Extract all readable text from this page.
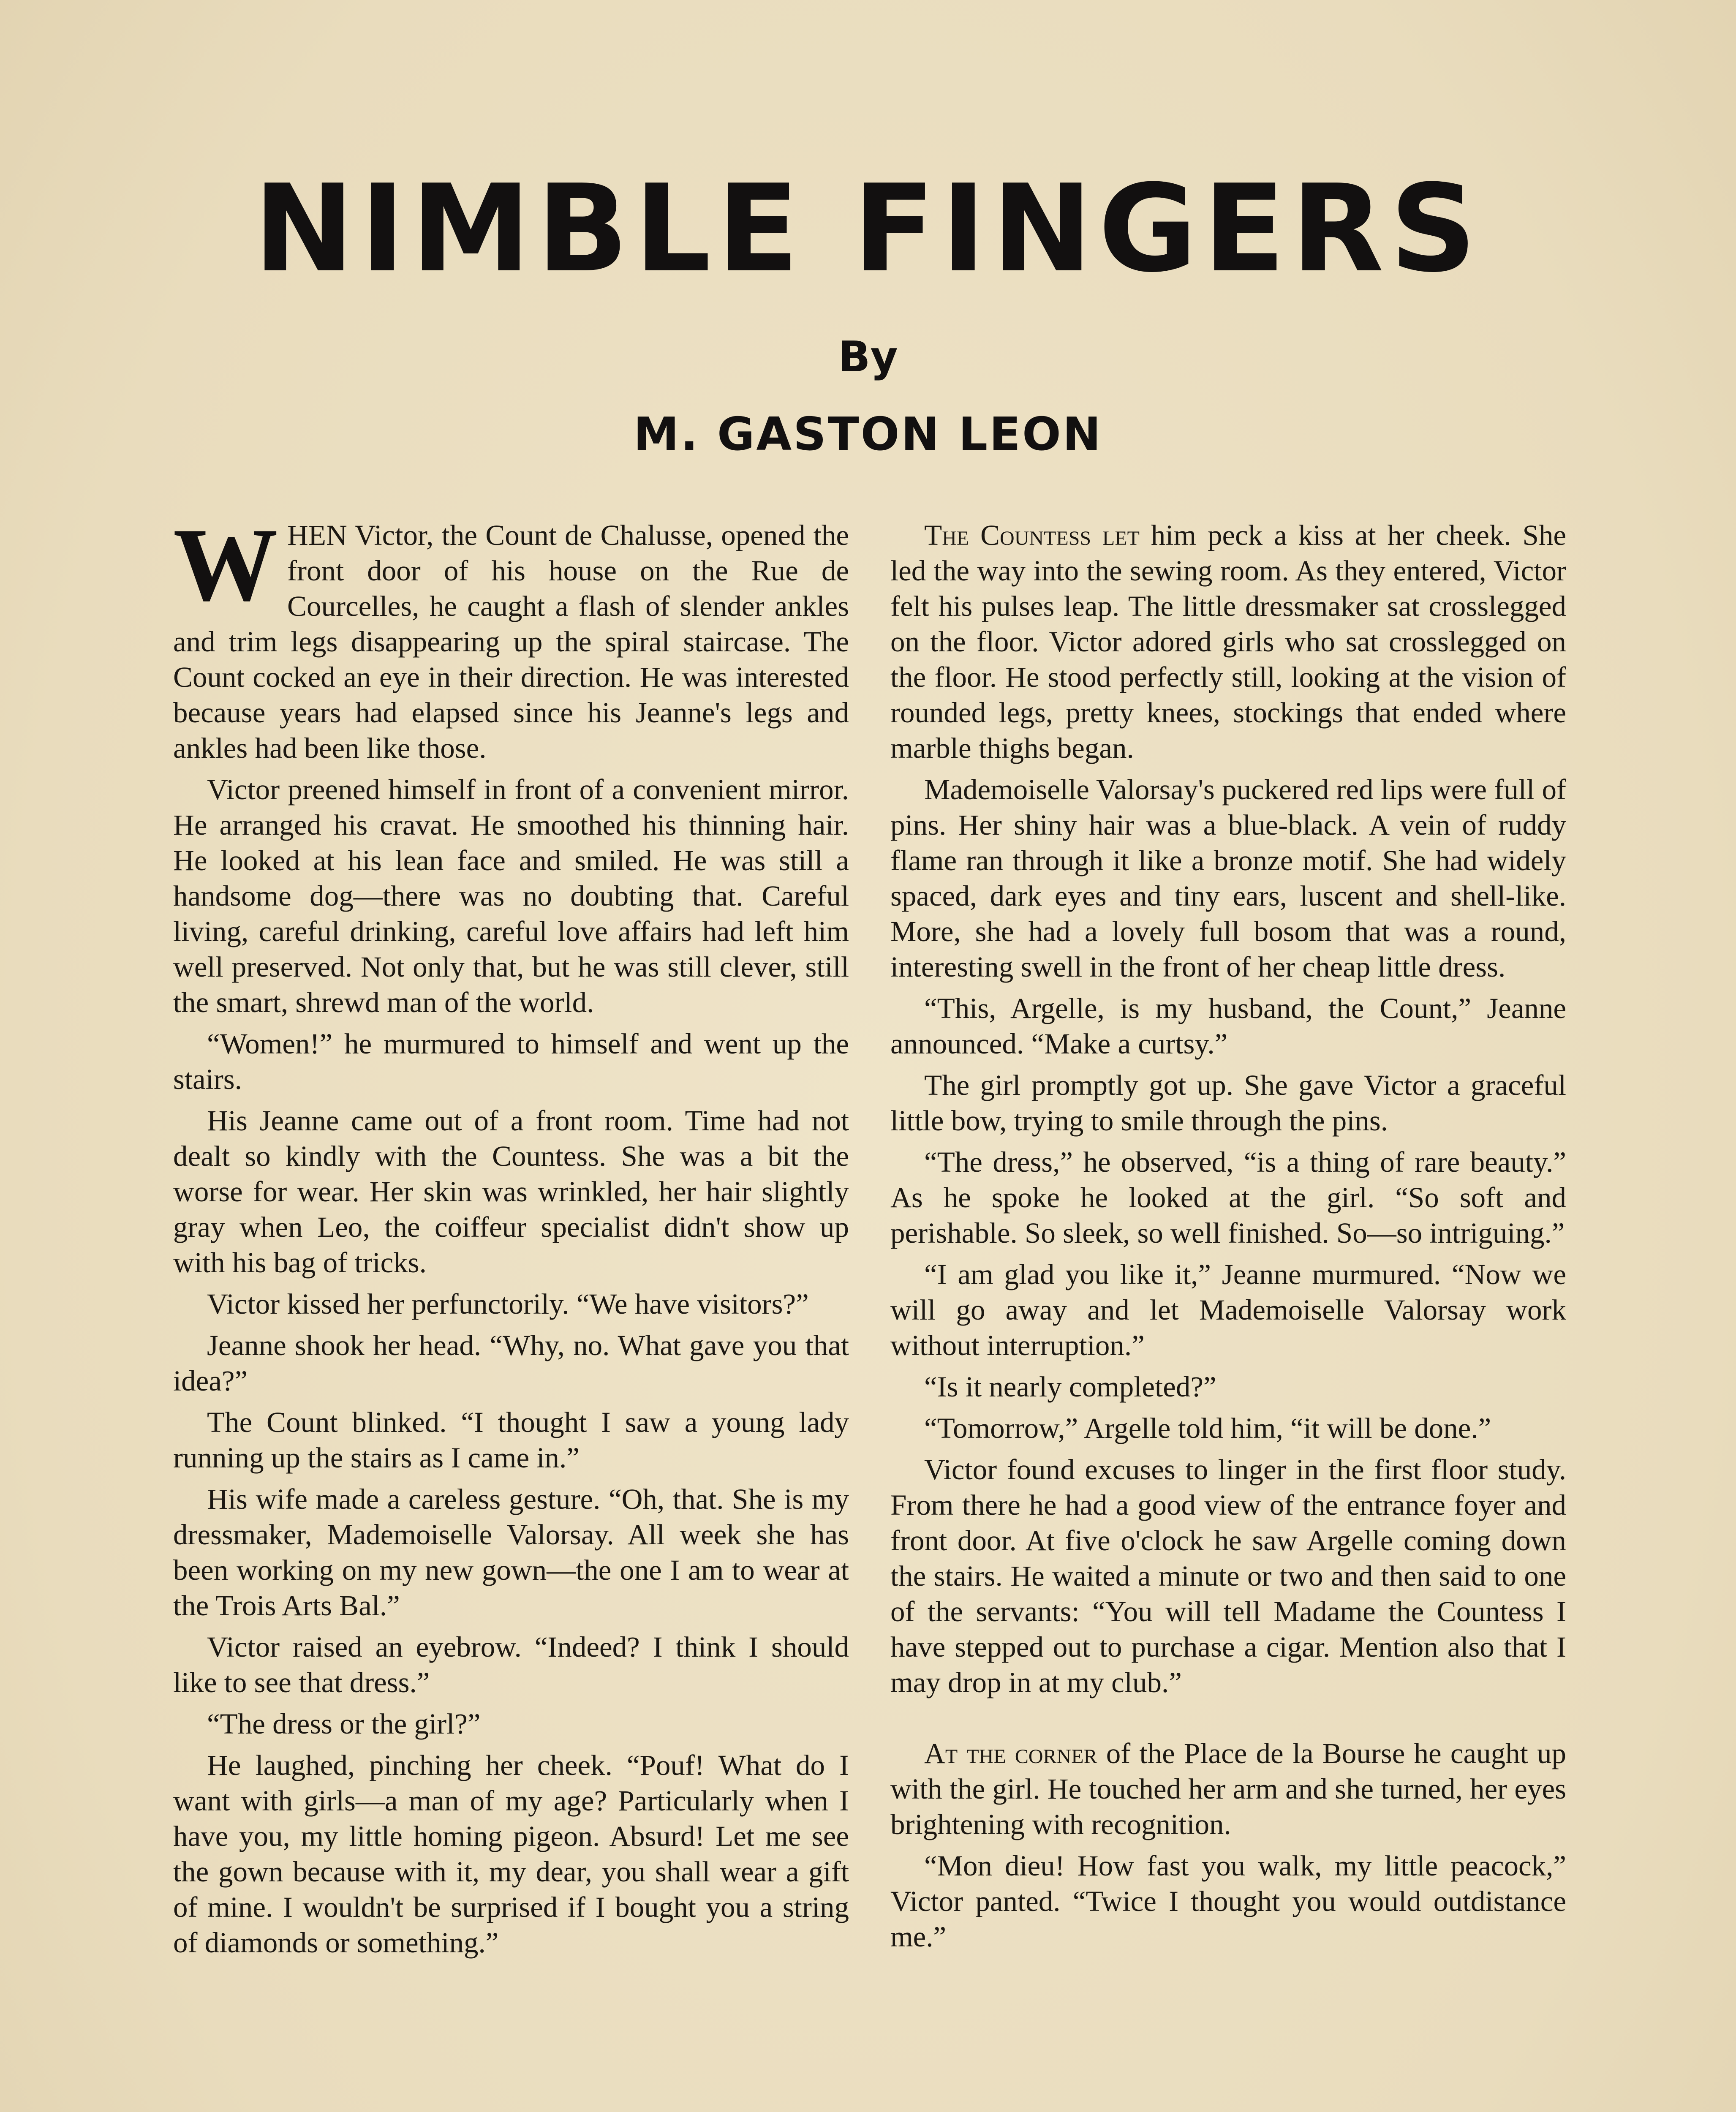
NIMBLE FINGERS
By
M. GASTON LEON

WHEN Victor, the Count de Chalusse, opened the front door of his house on the Rue de Courcelles, he caught a flash of slender ankles and trim legs disappearing up the spiral staircase. The Count cocked an eye in their direction. He was interested because years had elapsed since his Jeanne's legs and ankles had been like those.

Victor preened himself in front of a convenient mirror. He arranged his cravat. He smoothed his thinning hair. He looked at his lean face and smiled. He was still a handsome dog—there was no doubting that. Careful living, careful drinking, careful love affairs had left him well preserved. Not only that, but he was still clever, still the smart, shrewd man of the world.

“Women!” he murmured to himself and went up the stairs.

His Jeanne came out of a front room. Time had not dealt so kindly with the Countess. She was a bit the worse for wear. Her skin was wrinkled, her hair slightly gray when Leo, the coiffeur specialist didn't show up with his bag of tricks.

Victor kissed her perfunctorily. “We have visitors?”

Jeanne shook her head. “Why, no. What gave you that idea?”

The Count blinked. “I thought I saw a young lady running up the stairs as I came in.”

His wife made a careless gesture. “Oh, that. She is my dressmaker, Mademoiselle Valorsay. All week she has been working on my new gown—the one I am to wear at the Trois Arts Bal.”

Victor raised an eyebrow. “Indeed? I think I should like to see that dress.”

“The dress or the girl?”

He laughed, pinching her cheek. “Pouf! What do I want with girls—a man of my age? Particularly when I have you, my little homing pigeon. Absurd! Let me see the gown because with it, my dear, you shall wear a gift of mine. I wouldn't be surprised if I bought you a string of diamonds or something.”

The Countess let him peck a kiss at her cheek. She led the way into the sewing room. As they entered, Victor felt his pulses leap. The little dressmaker sat crosslegged on the floor. Victor adored girls who sat crosslegged on the floor. He stood perfectly still, looking at the vision of rounded legs, pretty knees, stockings that ended where marble thighs began.

Mademoiselle Valorsay's puckered red lips were full of pins. Her shiny hair was a blue-black. A vein of ruddy flame ran through it like a bronze motif. She had widely spaced, dark eyes and tiny ears, luscent and shell-like. More, she had a lovely full bosom that was a round, interesting swell in the front of her cheap little dress.

“This, Argelle, is my husband, the Count,” Jeanne announced. “Make a curtsy.”

The girl promptly got up. She gave Victor a graceful little bow, trying to smile through the pins.

“The dress,” he observed, “is a thing of rare beauty.” As he spoke he looked at the girl. “So soft and perishable. So sleek, so well finished. So—so intriguing.”

“I am glad you like it,” Jeanne murmured. “Now we will go away and let Mademoiselle Valorsay work without interruption.”

“Is it nearly completed?”

“Tomorrow,” Argelle told him, “it will be done.”

Victor found excuses to linger in the first floor study. From there he had a good view of the entrance foyer and front door. At five o'clock he saw Argelle coming down the stairs. He waited a minute or two and then said to one of the servants: “You will tell Madame the Countess I have stepped out to purchase a cigar. Mention also that I may drop in at my club.”

At the corner of the Place de la Bourse he caught up with the girl. He touched her arm and she turned, her eyes brightening with recognition.

“Mon dieu! How fast you walk, my little peacock,” Victor panted. “Twice I thought you would outdistance me.”
